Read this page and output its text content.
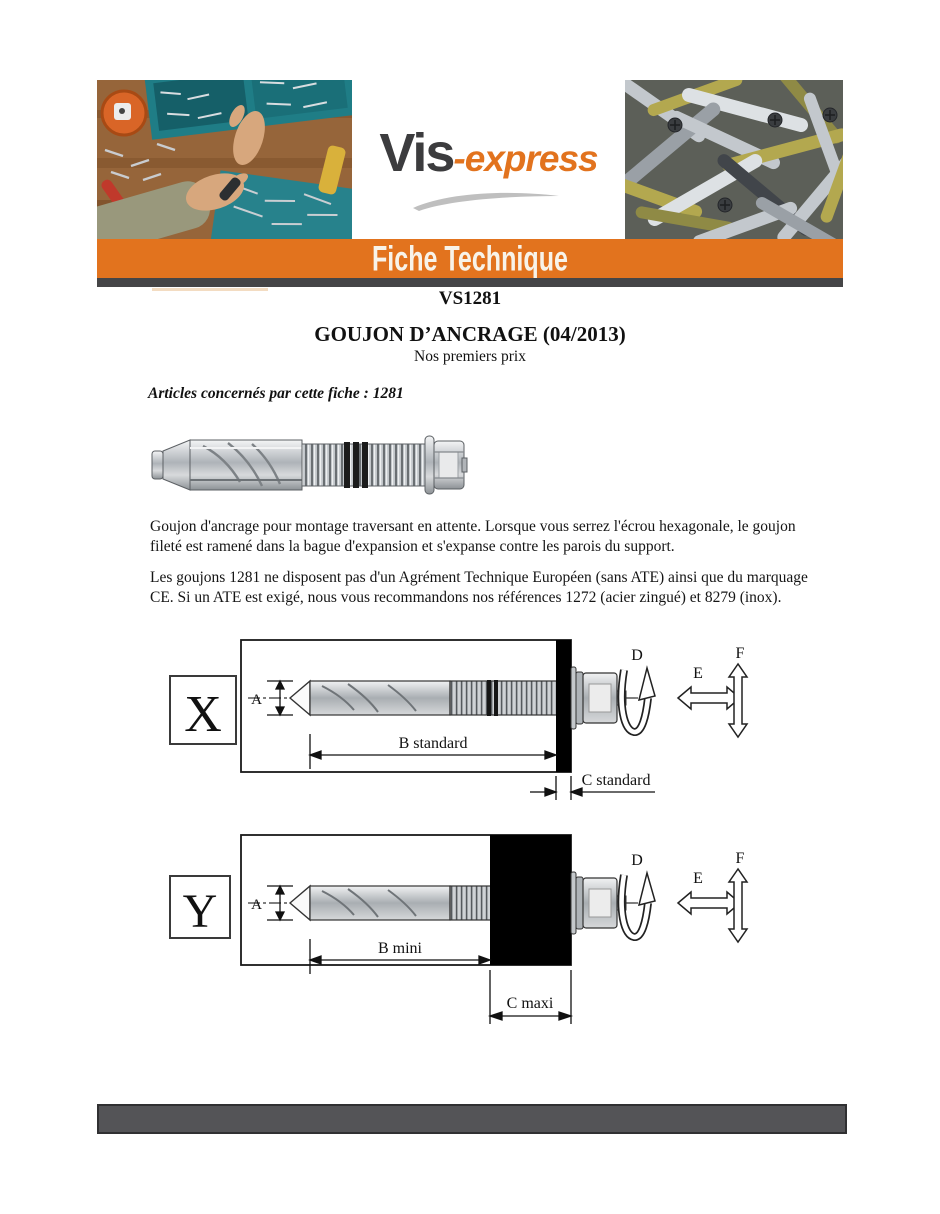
Vis -express
Fiche Technique
VS1281
GOUJON D’ANCRAGE (04/2013)
Nos premiers prix
Articles concernés par cette fiche : 1281
Goujon d'ancrage pour montage traversant en attente. Lorsque vous serrez l'écrou hexagonale, le goujon fileté est ramené dans la bague d'expansion et s'expanse contre les parois du support.
Les goujons 1281 ne disposent pas d'un Agrément Technique Européen (sans ATE) ainsi que du marquage CE. Si un ATE est exigé, nous vous recommandons nos références 1272 (acier zingué) et 8279 (inox).
X A
B standard
C standard
D
E
F
Y A
B mini
C maxi
D
E
F
